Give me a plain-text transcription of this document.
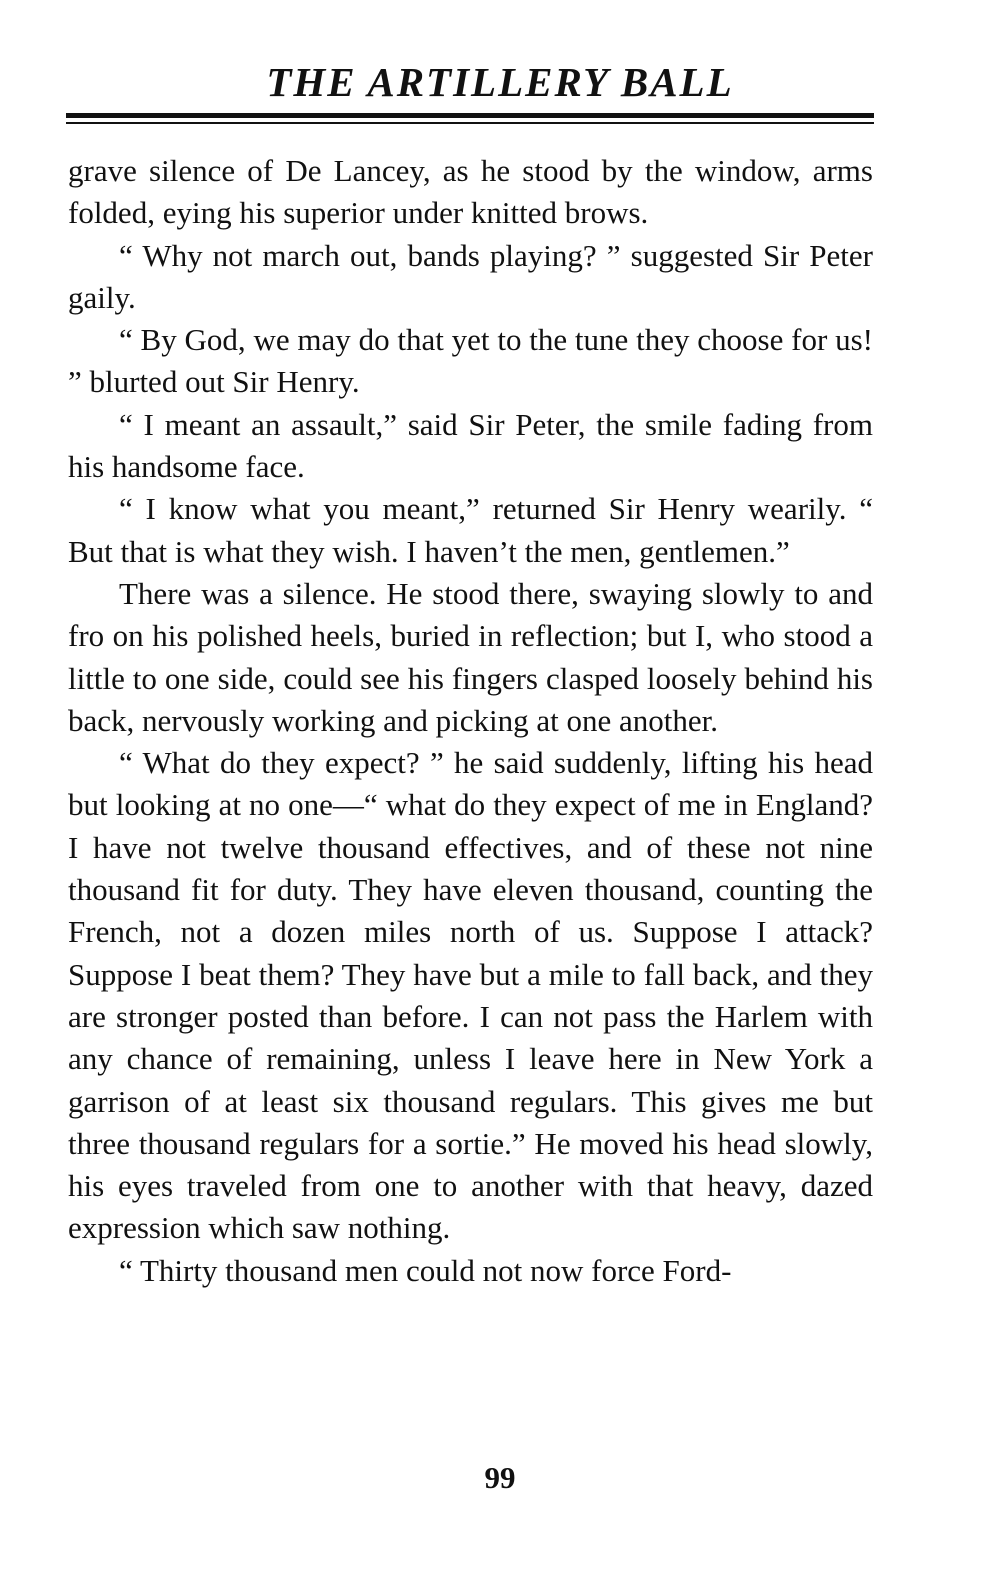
THE ARTILLERY BALL

grave silence of De Lancey, as he stood by the window, arms folded, eying his superior under knitted brows.

“ Why not march out, bands playing? ” suggested Sir Peter gaily.

“ By God, we may do that yet to the tune they choose for us! ” blurted out Sir Henry.

“ I meant an assault,” said Sir Peter, the smile fading from his handsome face.

“ I know what you meant,” returned Sir Henry wearily. “ But that is what they wish. I haven’t the men, gentlemen.”

There was a silence. He stood there, swaying slowly to and fro on his polished heels, buried in reflection; but I, who stood a little to one side, could see his fingers clasped loosely behind his back, nervously working and picking at one another.

“ What do they expect? ” he said suddenly, lifting his head but looking at no one—“ what do they expect of me in England? I have not twelve thousand effectives, and of these not nine thousand fit for duty. They have eleven thousand, counting the French, not a dozen miles north of us. Suppose I attack? Suppose I beat them? They have but a mile to fall back, and they are stronger posted than before. I can not pass the Harlem with any chance of remaining, unless I leave here in New York a garrison of at least six thousand regulars. This gives me but three thousand regulars for a sortie.” He moved his head slowly, his eyes traveled from one to another with that heavy, dazed expression which saw nothing.

“ Thirty thousand men could not now force Ford-

99
